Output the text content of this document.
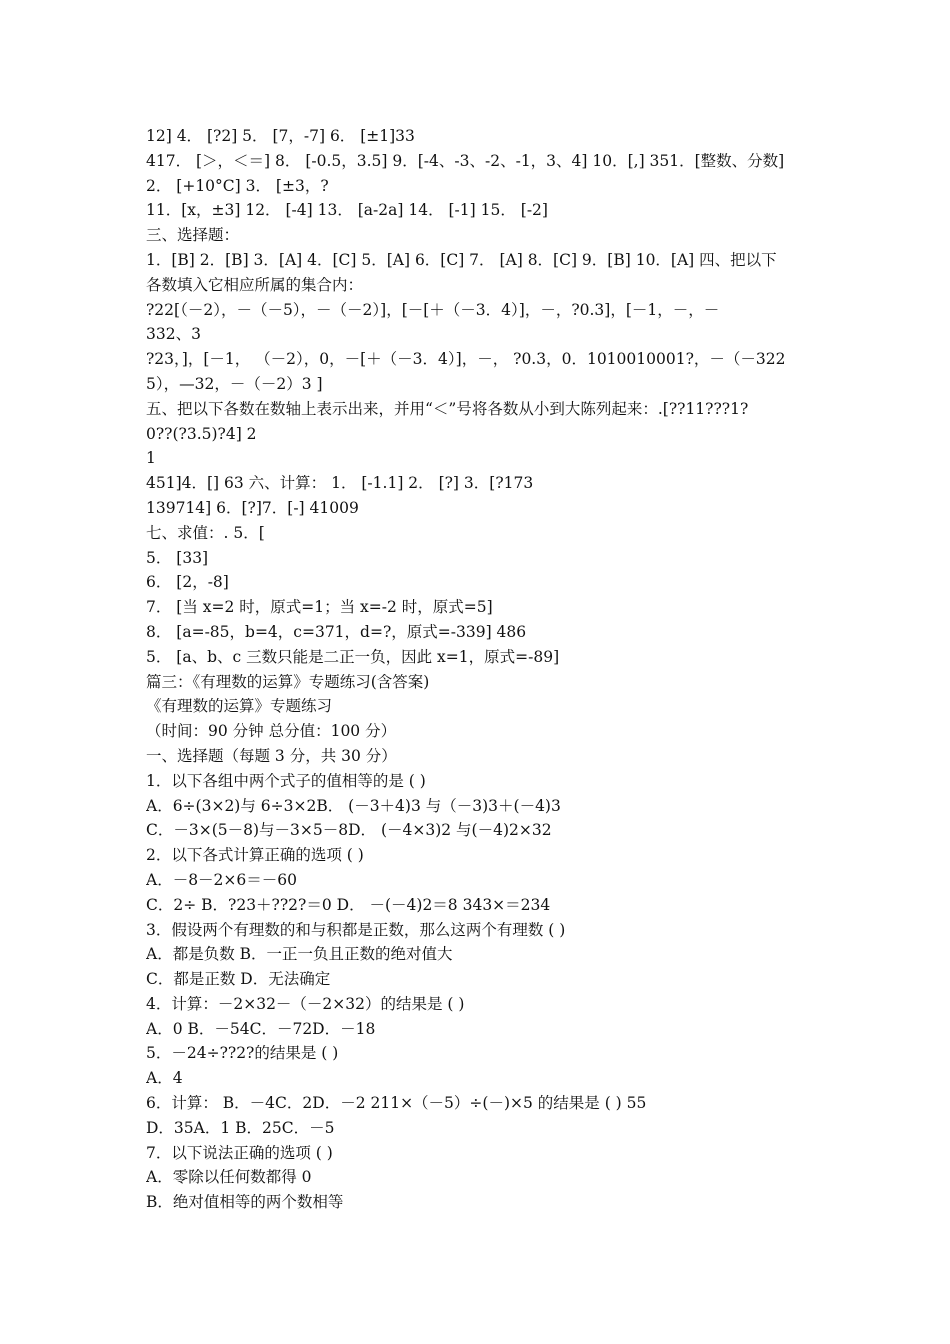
12] 4． [?2] 5． [7，-7] 6． [±1]33
417． [＞，＜＝] 8． [-0.5，3.5] 9．[-4、-3、-2、-1，3、4] 10．[,] 351．[整数、分数]
2． [+10°C] 3． [±3，?
11．[x，±3] 12． [-4] 13． [a-2a] 14． [-1] 15． [-2]
三、选择题：
1．[B] 2．[B] 3．[A] 4．[C] 5．[A] 6．[C] 7． [A] 8．[C] 9．[B] 10．[A] 四、把以下
各数填入它相应所属的集合内：
?22[（－2），－（－5），－（－2）]，[－[＋（－3．4）]，－，?0.3]，[－1，－，－
332、3
?23，]，[－1， （－2），0，－[＋（－3．4）]，－， ?0.3，0．1010010001?，－（－322
5），—32，－（－2）3 ]
五、把以下各数在数轴上表示出来，并用“＜”号将各数从小到大陈列起来：.[??11???1?
0??(?3.5)?4] 2
1
451]4．[] 63 六、计算： 1． [-1.1] 2． [?] 3．[?173
139714] 6．[?]7．[-] 41009
七、求值：. 5．[
5． [33]
6． [2，-8]
7． [当 x=2 时，原式=1；当 x=-2 时，原式=5]
8． [a=-85，b=4，c=371，d=?，原式=-339] 486
5． [a、b、c 三数只能是二正一负，因此 x=1，原式=-89]
篇三：《有理数的运算》专题练习(含答案)
《有理数的运算》专题练习
（时间：90 分钟 总分值：100 分）
一、选择题（每题 3 分，共 30 分）
1．以下各组中两个式子的值相等的是 ( )
A．6÷(3×2)与 6÷3×2B． (－3＋4)3 与（－3)3＋(－4)3
C．－3×(5－8)与－3×5－8D． (－4×3)2 与(－4)2×32
2．以下各式计算正确的选项 ( )
A．－8－2×6＝－60
C．2÷ B．?23＋??2?＝0 D． －(－4)2＝8 343×＝234
3．假设两个有理数的和与积都是正数，那么这两个有理数 ( )
A．都是负数 B．一正一负且正数的绝对值大
C．都是正数 D．无法确定
4．计算：－2×32－（－2×32）的结果是 ( )
A．0 B．－54C．－72D．－18
5．－24÷??2?的结果是 ( )
A．4
6．计算： B．－4C．2D．－2 211×（－5）÷(－)×5 的结果是 ( ) 55
D．35A．1 B．25C．－5
7．以下说法正确的选项 ( )
A．零除以任何数都得 0
B．绝对值相等的两个数相等
